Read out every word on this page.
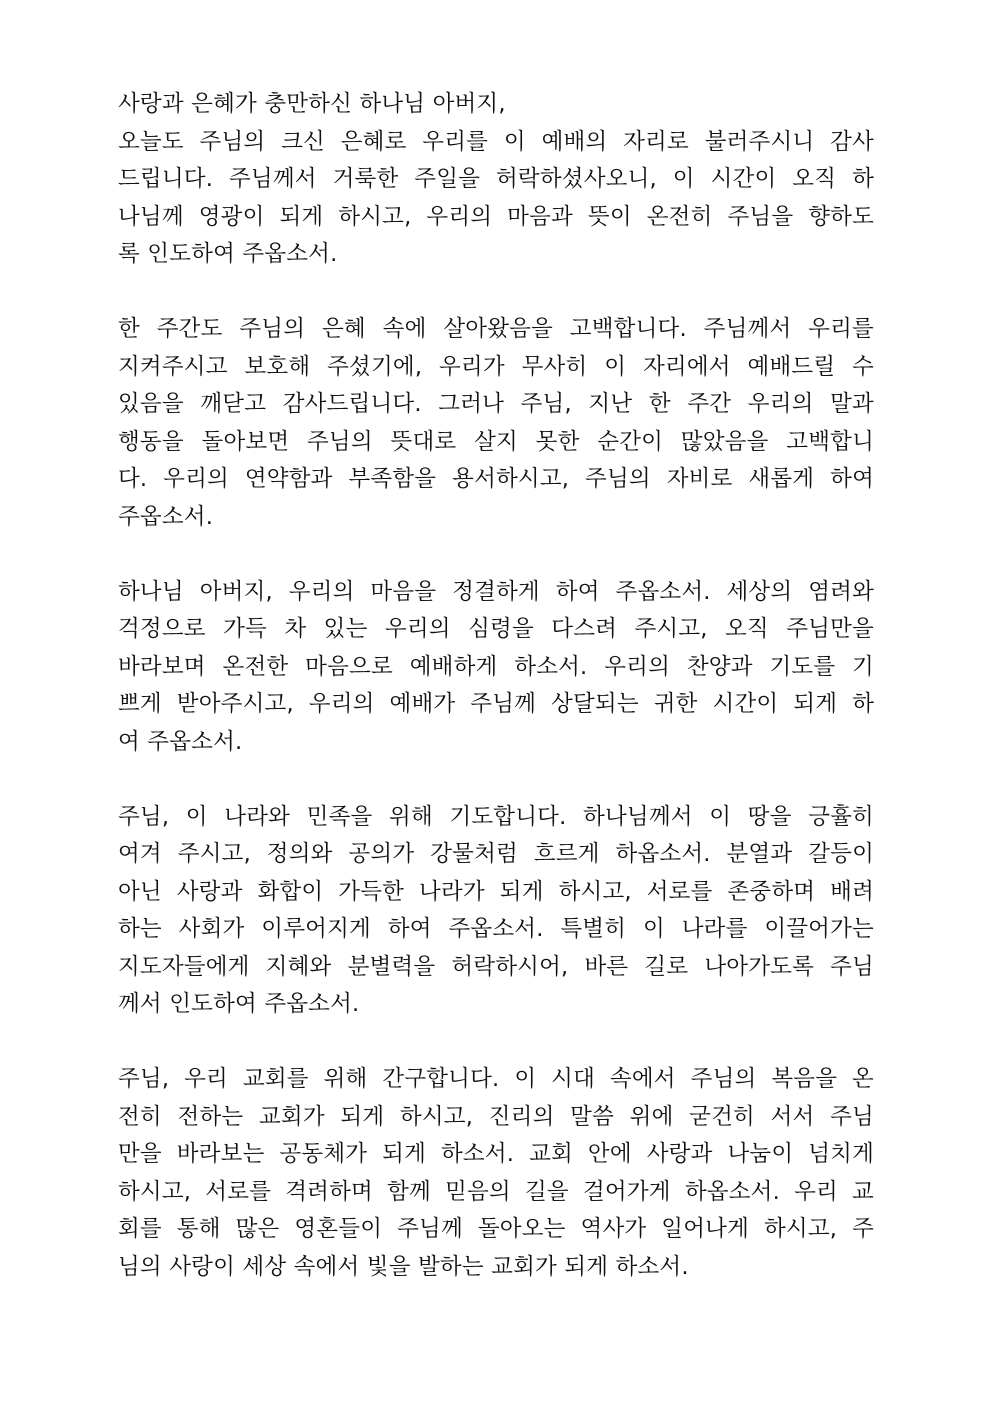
사랑과 은혜가 충만하신 하나님 아버지,
오늘도 주님의 크신 은혜로 우리를 이 예배의 자리로 불러주시니 감사
드립니다. 주님께서 거룩한 주일을 허락하셨사오니, 이 시간이 오직 하
나님께 영광이 되게 하시고, 우리의 마음과 뜻이 온전히 주님을 향하도
록 인도하여 주옵소서.
한 주간도 주님의 은혜 속에 살아왔음을 고백합니다. 주님께서 우리를
지켜주시고 보호해 주셨기에, 우리가 무사히 이 자리에서 예배드릴 수
있음을 깨닫고 감사드립니다. 그러나 주님, 지난 한 주간 우리의 말과
행동을 돌아보면 주님의 뜻대로 살지 못한 순간이 많았음을 고백합니
다. 우리의 연약함과 부족함을 용서하시고, 주님의 자비로 새롭게 하여
주옵소서.
하나님 아버지, 우리의 마음을 정결하게 하여 주옵소서. 세상의 염려와
걱정으로 가득 차 있는 우리의 심령을 다스려 주시고, 오직 주님만을
바라보며 온전한 마음으로 예배하게 하소서. 우리의 찬양과 기도를 기
쁘게 받아주시고, 우리의 예배가 주님께 상달되는 귀한 시간이 되게 하
여 주옵소서.
주님, 이 나라와 민족을 위해 기도합니다. 하나님께서 이 땅을 긍휼히
여겨 주시고, 정의와 공의가 강물처럼 흐르게 하옵소서. 분열과 갈등이
아닌 사랑과 화합이 가득한 나라가 되게 하시고, 서로를 존중하며 배려
하는 사회가 이루어지게 하여 주옵소서. 특별히 이 나라를 이끌어가는
지도자들에게 지혜와 분별력을 허락하시어, 바른 길로 나아가도록 주님
께서 인도하여 주옵소서.
주님, 우리 교회를 위해 간구합니다. 이 시대 속에서 주님의 복음을 온
전히 전하는 교회가 되게 하시고, 진리의 말씀 위에 굳건히 서서 주님
만을 바라보는 공동체가 되게 하소서. 교회 안에 사랑과 나눔이 넘치게
하시고, 서로를 격려하며 함께 믿음의 길을 걸어가게 하옵소서. 우리 교
회를 통해 많은 영혼들이 주님께 돌아오는 역사가 일어나게 하시고, 주
님의 사랑이 세상 속에서 빛을 발하는 교회가 되게 하소서.
